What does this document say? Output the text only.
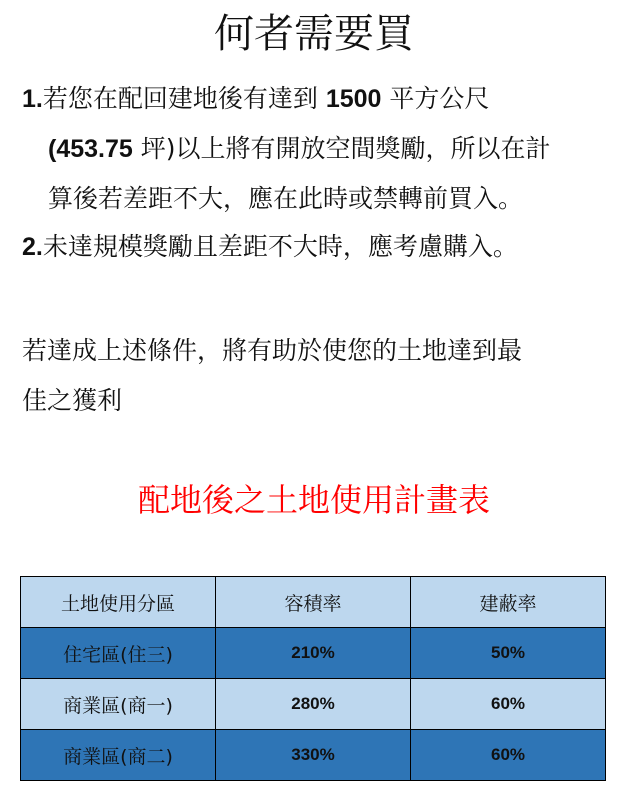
何者需要買
1.若您在配回建地後有達到 1500 平方公尺
(453.75 坪)以上將有開放空間獎勵，所以在計
算後若差距不大，應在此時或禁轉前買入。
2.未達規模獎勵且差距不大時，應考慮購入。
若達成上述條件，將有助於使您的土地達到最
佳之獲利
配地後之土地使用計畫表
土地使用分區	容積率	建蔽率
住宅區(住三)	210%	50%
商業區(商一)	280%	60%
商業區(商二)	330%	60%
